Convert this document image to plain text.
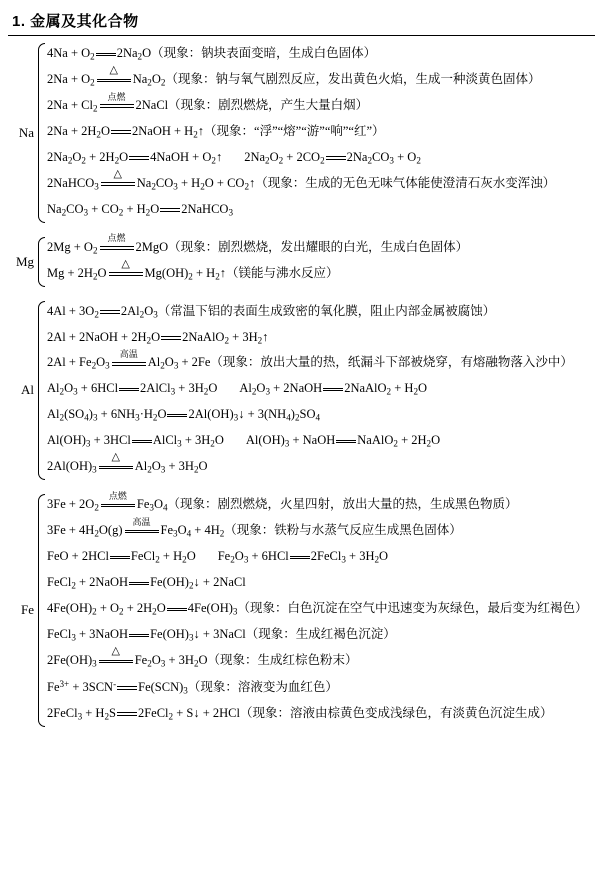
1. 金属及其化合物
Na
$4Na + O_2$ $2Na_2O$（现象：钠块表面变暗，生成白色固体）
$2Na + O_2$
△
$Na_2O_2$（现象：钠与氧气剧烈反应，发出黄色火焰，生成一种淡黄色固体）
$2Na + Cl_2$
点燃
2NaCl（现象：剧烈燃烧，产生大量白烟）
$2Na + 2H_2O$ 2NaOH + $H_2↑$（现象：“浮”“熔”“游”“响”“红”）
$2Na_2O_2 + 2H_2O$ 4NaOH + $O_2↑$ $2Na_2O_2 + 2CO_2$ $2Na_2CO_3 + O_2$
2NaHCO$_3$
△
$Na_2CO_3 + H_2O$ + $CO_2↑$（现象：生成的无色无味气体能使澄清石灰水变浑浊）
$Na_2CO_3 + CO_2 + H_2O$ 2NaHCO$_3$
Mg
$2Mg + O_2$
点燃
2MgO（现象：剧烈燃烧，发出耀眼的白光，生成白色固体）
$Mg + 2H_2O$
△
$Mg(OH)_2$ + $H_2↑$（镁能与沸水反应）
Al
$4Al + 3O_2$ $2Al_2O_3$（常温下铝的表面生成致密的氧化膜，阻止内部金属被腐蚀）
2Al + 2NaOH + $2H_2O$ 2NaAlO$_2$ + $3H_2↑$
$2Al + Fe_2O_3$
高温
$Al_2O_3 + 2Fe$（现象：放出大量的热，纸漏斗下部被烧穿，有熔融物落入沙中）
$Al_2O_3 + 6HCl$ 2AlCl$_3$ + $3H_2O$ $Al_2O_3$ + 2NaOH 2NaAlO$_2$ + $H_2O$
$Al_2(SO_4)_3 + 6NH_3\cdot H_2O$ $2Al(OH)_3↓ + 3(NH_4)_2SO_4$
$Al(OH)_3 + 3HCl$ AlCl$_3$ + $3H_2O$ $Al(OH)_3$ + NaOH NaAlO$_2$ + $2H_2O$
$2Al(OH)_3$
△
$Al_2O_3 + 3H_2O$
Fe
$3Fe + 2O_2$
点燃
$Fe_3O_4$（现象：剧烈燃烧，火星四射，放出大量的热，生成黑色物质）
$3Fe + 4H_2O(g)$
高温
$Fe_3O_4 + 4H_2$（现象：铁粉与水蒸气反应生成黑色固体）
FeO + 2HCl FeCl$_2$ + $H_2O$ $Fe_2O_3 + 6HCl$ 2FeCl$_3$ + $3H_2O$
FeCl$_2$ + 2NaOH $Fe(OH)_2↓$ + 2NaCl
$4Fe(OH)_2 + O_2 + 2H_2O$ $4Fe(OH)_3$（现象：白色沉淀在空气中迅速变为灰绿色，最后变为红褐色）
FeCl$_3$ + 3NaOH $Fe(OH)_3↓$ + 3NaCl（现象：生成红褐色沉淀）
$2Fe(OH)_3$
△
$Fe_2O_3 + 3H_2O$（现象：生成红棕色粉末）
$Fe^{3+} + 3SCN^-$ $Fe(SCN)_3$（现象：溶液变为血红色）
2FeCl$_3$ + $H_2S$ 2FeCl$_2$ + S↓ + 2HCl（现象：溶液由棕黄色变成浅绿色，有淡黄色沉淀生成）
